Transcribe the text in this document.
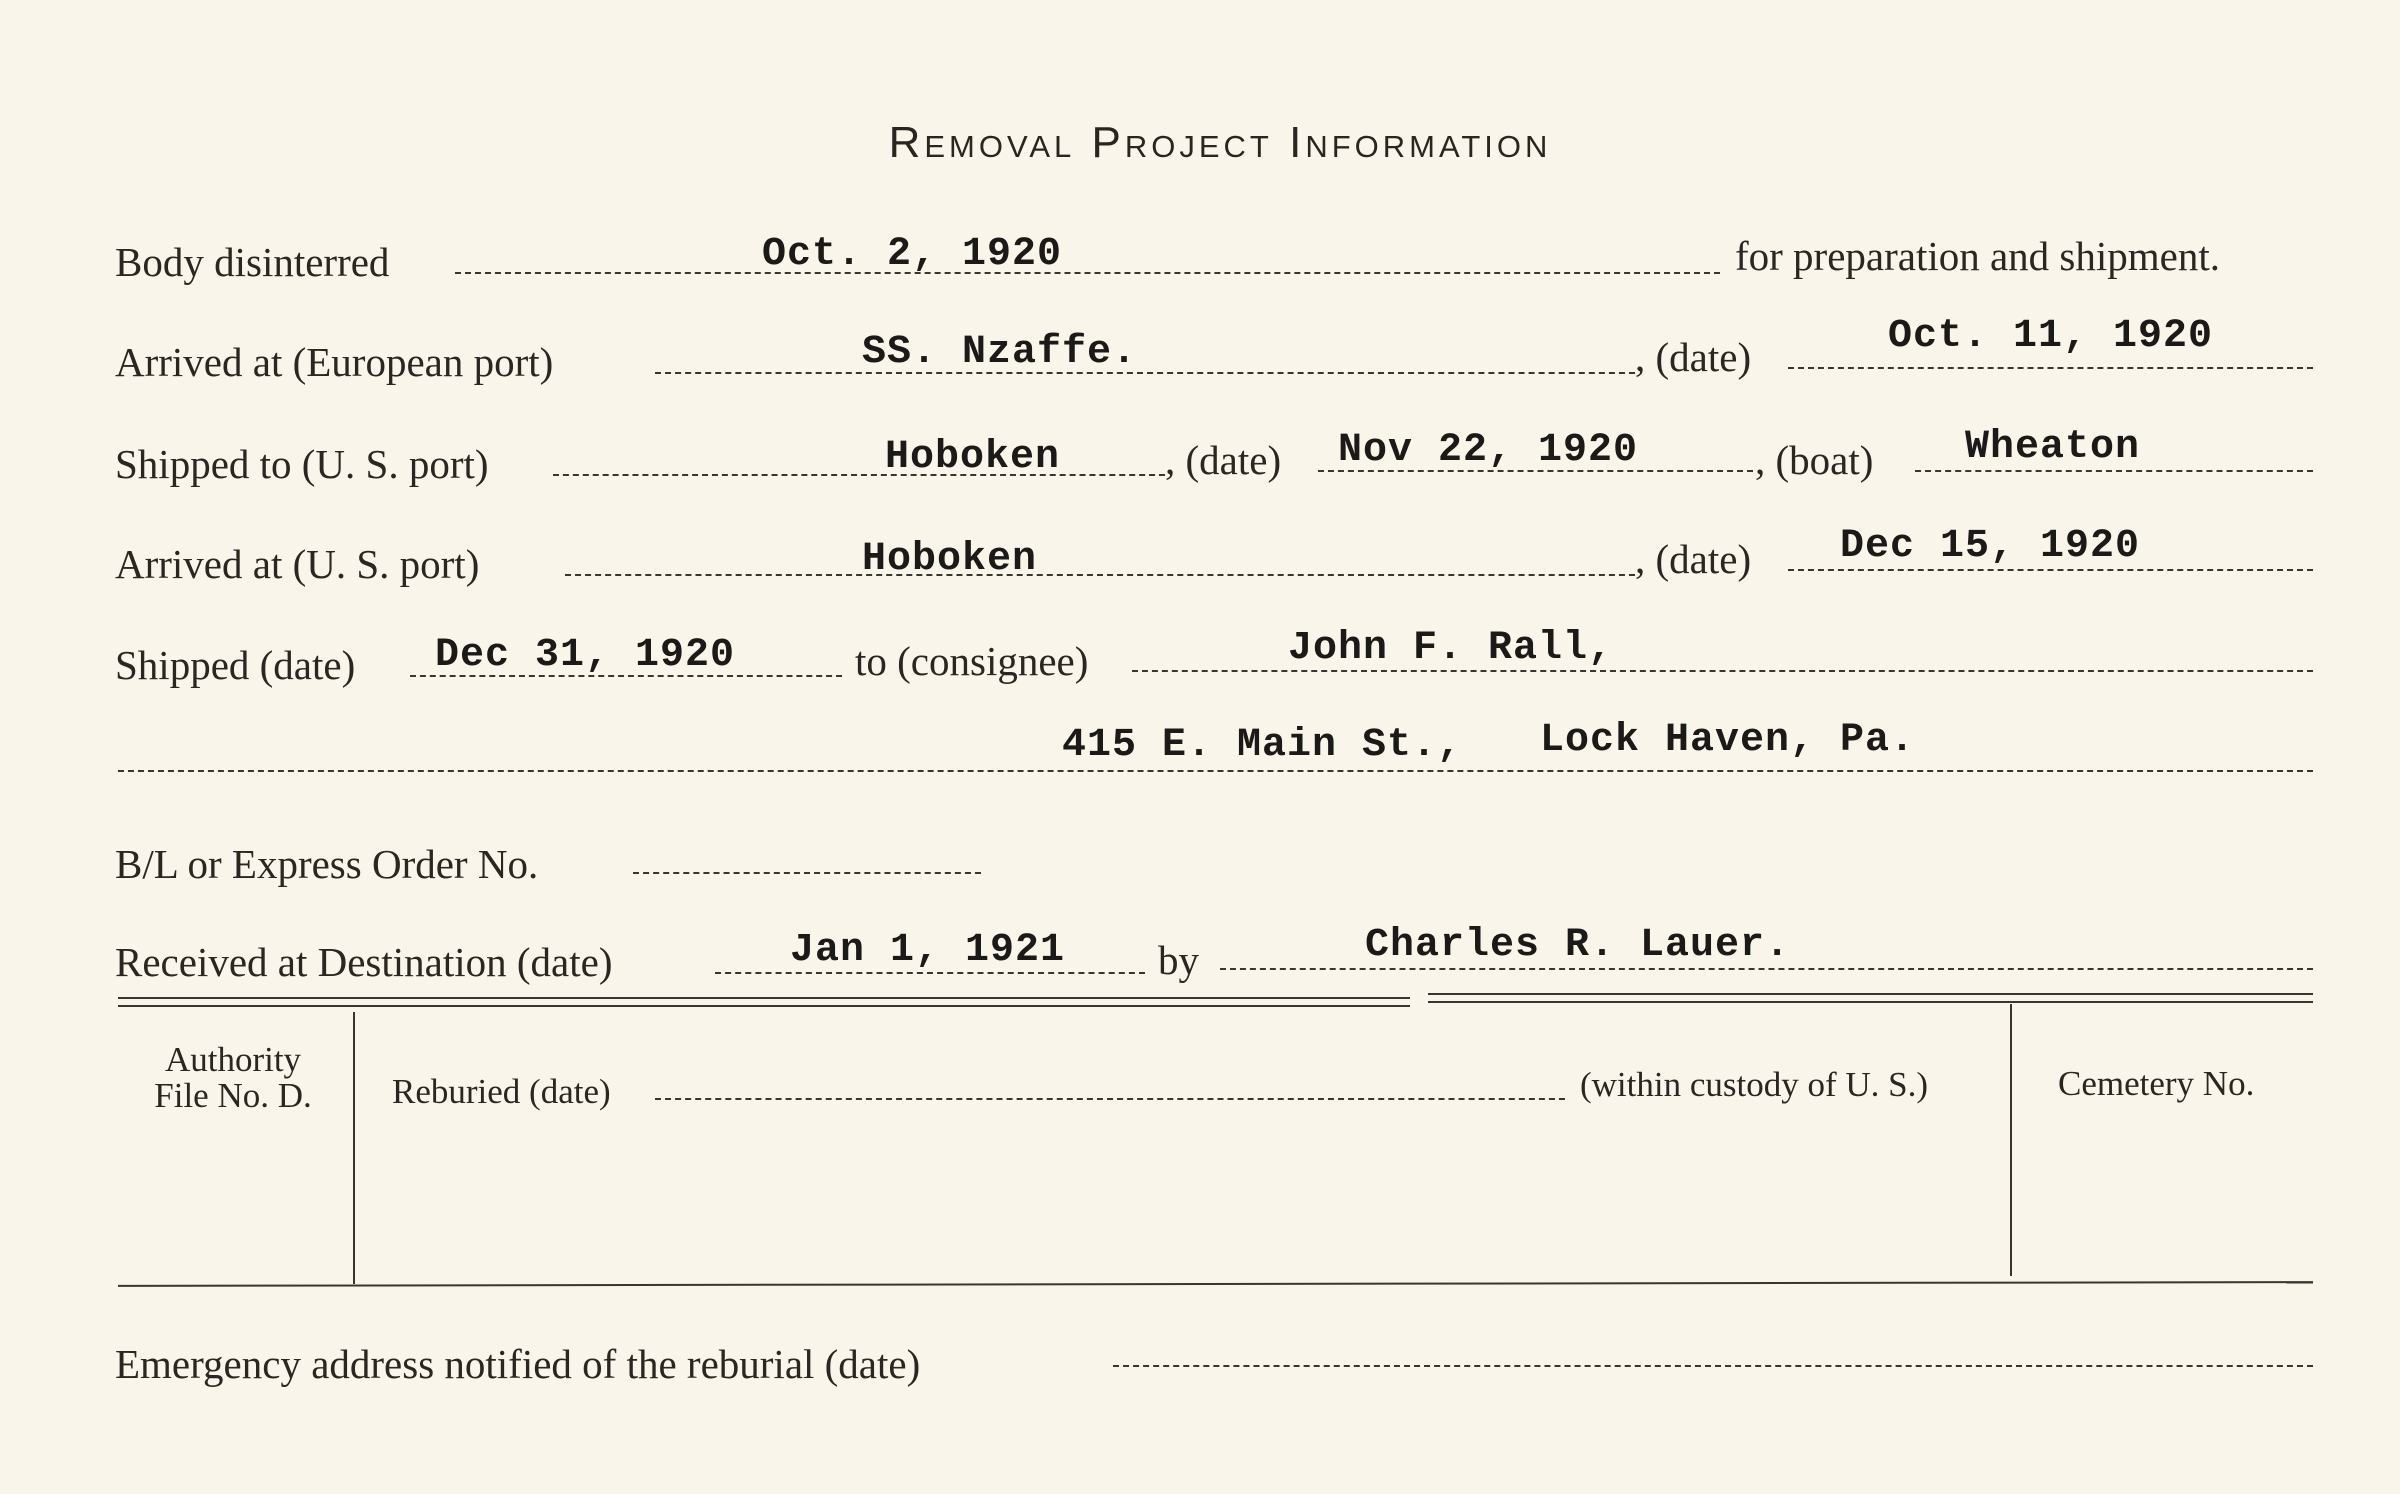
Removal Project Information
Body disinterred	Oct. 2, 1920	for preparation and shipment.
Arrived at (European port)	SS. Nzaffe.	, (date)	Oct. 11, 1920
Shipped to (U. S. port)	Hoboken	, (date) Nov 22, 1920	, (boat) Wheaton
Arrived at (U. S. port)	Hoboken	, (date) Dec 15, 1920
Shipped (date) Dec 31, 1920	to (consignee)	John F. Rall,
415 E. Main St., Lock Haven, Pa.
B/L or Express Order No.
Received at Destination (date)	Jan 1, 1921 by	Charles R. Lauer.
Authority
File No. D.	Reburied (date)	(within custody of U. S.)	Cemetery No.
Emergency address notified of the reburial (date)
